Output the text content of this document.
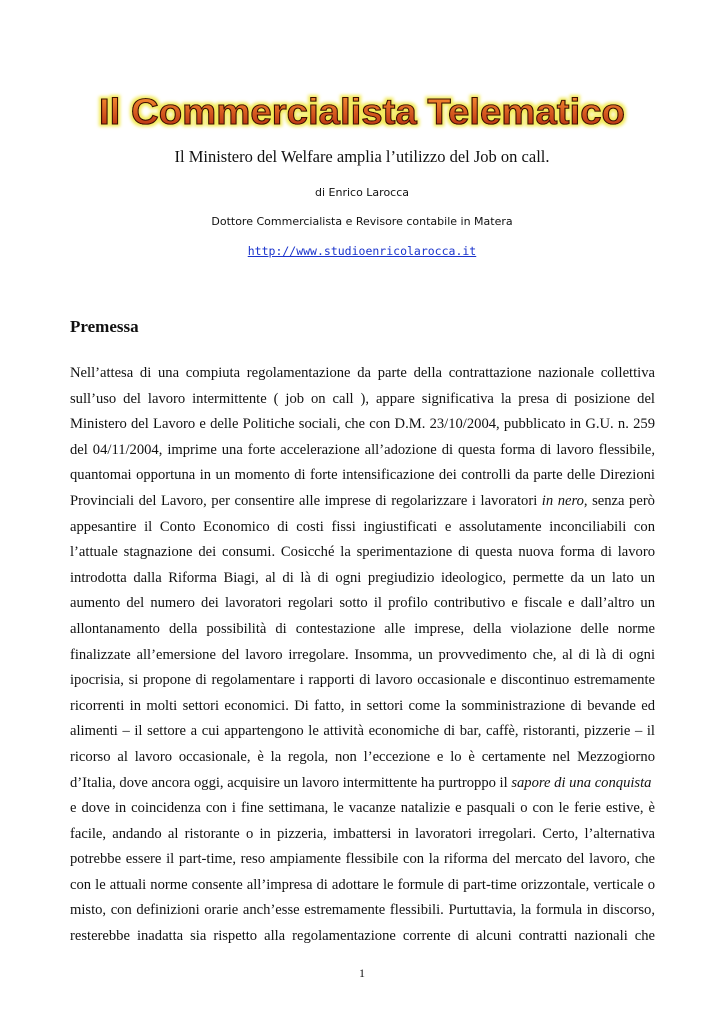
Il Commercialista Telematico
Il Ministero del Welfare amplia l’utilizzo del Job on call.
di Enrico Larocca
Dottore Commercialista e Revisore contabile in Matera
http://www.studioenricolarocca.it
Premessa
Nell’attesa di una compiuta regolamentazione da parte della contrattazione nazionale collettiva
sull’uso del lavoro intermittente ( job on call ), appare significativa la presa di posizione del
Ministero del Lavoro e delle Politiche sociali, che con D.M. 23/10/2004, pubblicato in G.U. n. 259
del 04/11/2004, imprime una forte accelerazione all’adozione di questa forma di lavoro flessibile,
quantomai opportuna in un momento di forte intensificazione dei controlli da parte delle Direzioni
Provinciali del Lavoro, per consentire alle imprese di regolarizzare i lavoratori in nero, senza però
appesantire il Conto Economico di costi fissi ingiustificati e assolutamente inconciliabili con
l’attuale stagnazione dei consumi. Cosicché la sperimentazione di questa nuova forma di lavoro
introdotta dalla Riforma Biagi, al di là di ogni pregiudizio ideologico, permette da un lato un
aumento del numero dei lavoratori regolari sotto il profilo contributivo e fiscale e dall’altro un
allontanamento della possibilità di contestazione alle imprese, della violazione delle norme
finalizzate all’emersione del lavoro irregolare. Insomma, un provvedimento che, al di là di ogni
ipocrisia, si propone di regolamentare i rapporti di lavoro occasionale e discontinuo estremamente
ricorrenti in molti settori economici. Di fatto, in settori come la somministrazione di bevande ed
alimenti – il settore a cui appartengono le attività economiche di bar, caffè, ristoranti, pizzerie – il
ricorso al lavoro occasionale, è la regola, non l’eccezione e lo è certamente nel Mezzogiorno
d’Italia, dove ancora oggi, acquisire un lavoro intermittente ha purtroppo il sapore di una conquista
e dove in coincidenza con i fine settimana, le vacanze natalizie e pasquali o con le ferie estive, è
facile, andando al ristorante o in pizzeria, imbattersi in lavoratori irregolari. Certo, l’alternativa
potrebbe essere il part-time, reso ampiamente flessibile con la riforma del mercato del lavoro, che
con le attuali norme consente all’impresa di adottare le formule di part-time orizzontale, verticale o
misto, con definizioni orarie anch’esse estremamente flessibili. Purtuttavia, la formula in discorso,
resterebbe inadatta sia rispetto alla regolamentazione corrente di alcuni contratti nazionali che
1
